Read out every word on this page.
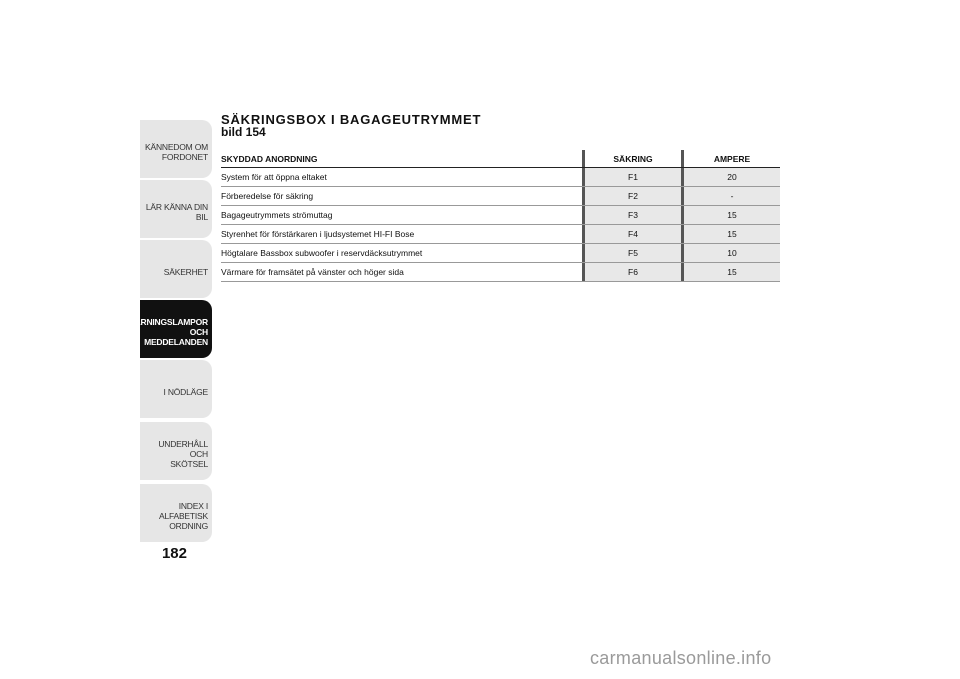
KÄNNEDOM OM
FORDONET
LÄR KÄNNA DIN BIL
SÄKERHET
VARNINGSLAMPOR
OCH
MEDDELANDEN
I NÖDLÄGE
UNDERHÅLL OCH
SKÖTSEL
INDEX I ALFABETISK
ORDNING
182
SÄKRINGSBOX I BAGAGEUTRYMMET
bild 154
SKYDDAD ANORDNING		SÄKRING		AMPERE
System för att öppna eltaket		F1		20
Förberedelse för säkring		F2		-
Bagageutrymmets strömuttag		F3		15
Styrenhet för förstärkaren i ljudsystemet HI-FI Bose		F4		15
Högtalare Bassbox subwoofer i reservdäcksutrymmet		F5		10
Värmare för framsätet på vänster och höger sida		F6		15
carmanualsonline.info
